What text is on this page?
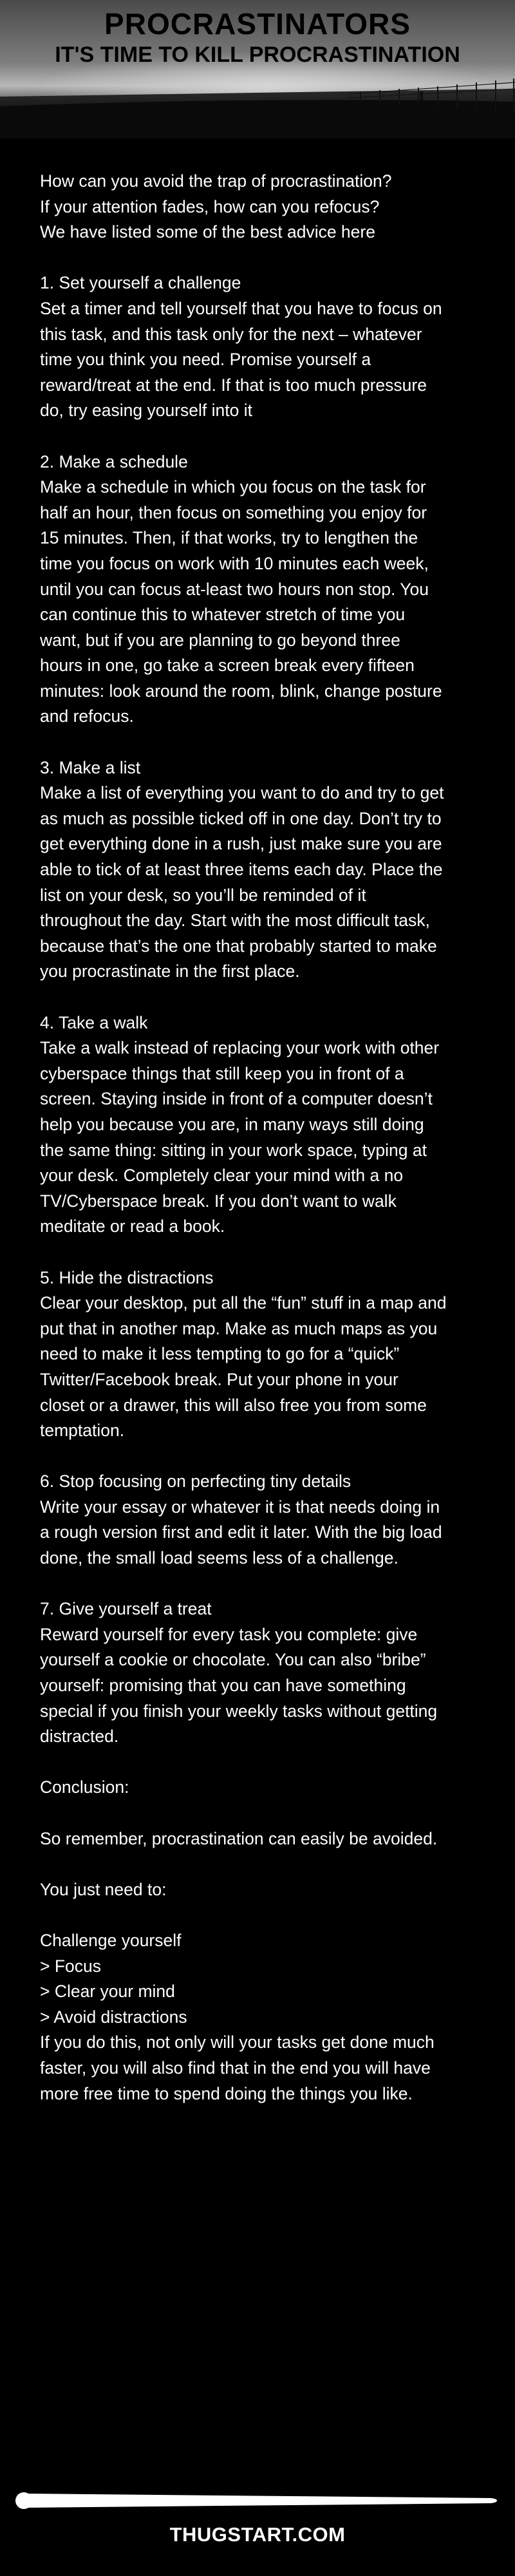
PROCRASTINATORS
IT'S TIME TO KILL PROCRASTINATION

How can you avoid the trap of procrastination?
If your attention fades, how can you refocus?
We have listed some of the best advice here

1. Set yourself a challenge
Set a timer and tell yourself that you have to focus on
this task, and this task only for the next – whatever
time you think you need. Promise yourself a
reward/treat at the end. If that is too much pressure
do, try easing yourself into it

2. Make a schedule
Make a schedule in which you focus on the task for
half an hour, then focus on something you enjoy for
15 minutes. Then, if that works, try to lengthen the
time you focus on work with 10 minutes each week,
until you can focus at-least two hours non stop. You
can continue this to whatever stretch of time you
want, but if you are planning to go beyond three
hours in one, go take a screen break every fifteen
minutes: look around the room, blink, change posture
and refocus.

3. Make a list
Make a list of everything you want to do and try to get
as much as possible ticked off in one day. Don’t try to
get everything done in a rush, just make sure you are
able to tick of at least three items each day. Place the
list on your desk, so you’ll be reminded of it
throughout the day. Start with the most difficult task,
because that’s the one that probably started to make
you procrastinate in the first place.

4. Take a walk
Take a walk instead of replacing your work with other
cyberspace things that still keep you in front of a
screen. Staying inside in front of a computer doesn’t
help you because you are, in many ways still doing
the same thing: sitting in your work space, typing at
your desk. Completely clear your mind with a no
TV/Cyberspace break. If you don’t want to walk
meditate or read a book.

5. Hide the distractions
Clear your desktop, put all the “fun” stuff in a map and
put that in another map. Make as much maps as you
need to make it less tempting to go for a “quick”
Twitter/Facebook break. Put your phone in your
closet or a drawer, this will also free you from some
temptation.

6. Stop focusing on perfecting tiny details
Write your essay or whatever it is that needs doing in
a rough version first and edit it later. With the big load
done, the small load seems less of a challenge.

7. Give yourself a treat
Reward yourself for every task you complete: give
yourself a cookie or chocolate. You can also “bribe”
yourself: promising that you can have something
special if you finish your weekly tasks without getting
distracted.

Conclusion:

So remember, procrastination can easily be avoided.

You just need to:

Challenge yourself
> Focus
> Clear your mind
> Avoid distractions
If you do this, not only will your tasks get done much
faster, you will also find that in the end you will have
more free time to spend doing the things you like.

THUGSTART.COM
